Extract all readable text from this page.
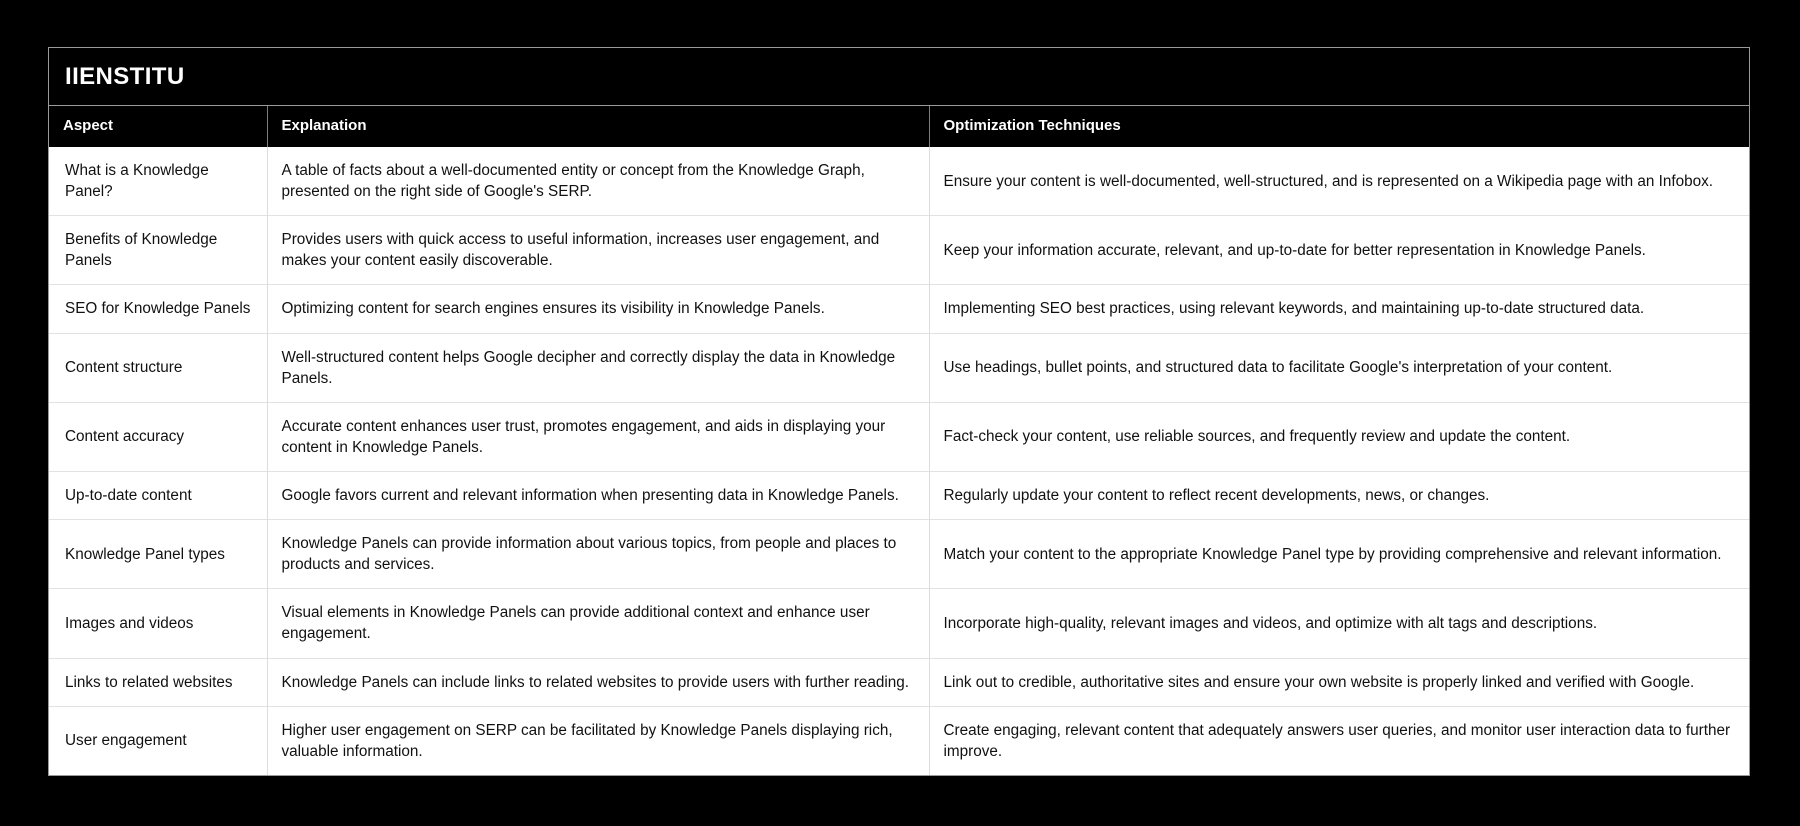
IIENSTITU
Aspect	Explanation	Optimization Techniques
What is a Knowledge Panel?	A table of facts about a well-documented entity or concept from the Knowledge Graph, presented on the right side of Google's SERP.	Ensure your content is well-documented, well-structured, and is represented on a Wikipedia page with an Infobox.
Benefits of Knowledge Panels	Provides users with quick access to useful information, increases user engagement, and makes your content easily discoverable.	Keep your information accurate, relevant, and up-to-date for better representation in Knowledge Panels.
SEO for Knowledge Panels	Optimizing content for search engines ensures its visibility in Knowledge Panels.	Implementing SEO best practices, using relevant keywords, and maintaining up-to-date structured data.
Content structure	Well-structured content helps Google decipher and correctly display the data in Knowledge Panels.	Use headings, bullet points, and structured data to facilitate Google's interpretation of your content.
Content accuracy	Accurate content enhances user trust, promotes engagement, and aids in displaying your content in Knowledge Panels.	Fact-check your content, use reliable sources, and frequently review and update the content.
Up-to-date content	Google favors current and relevant information when presenting data in Knowledge Panels.	Regularly update your content to reflect recent developments, news, or changes.
Knowledge Panel types	Knowledge Panels can provide information about various topics, from people and places to products and services.	Match your content to the appropriate Knowledge Panel type by providing comprehensive and relevant information.
Images and videos	Visual elements in Knowledge Panels can provide additional context and enhance user engagement.	Incorporate high-quality, relevant images and videos, and optimize with alt tags and descriptions.
Links to related websites	Knowledge Panels can include links to related websites to provide users with further reading.	Link out to credible, authoritative sites and ensure your own website is properly linked and verified with Google.
User engagement	Higher user engagement on SERP can be facilitated by Knowledge Panels displaying rich, valuable information.	Create engaging, relevant content that adequately answers user queries, and monitor user interaction data to further improve.
